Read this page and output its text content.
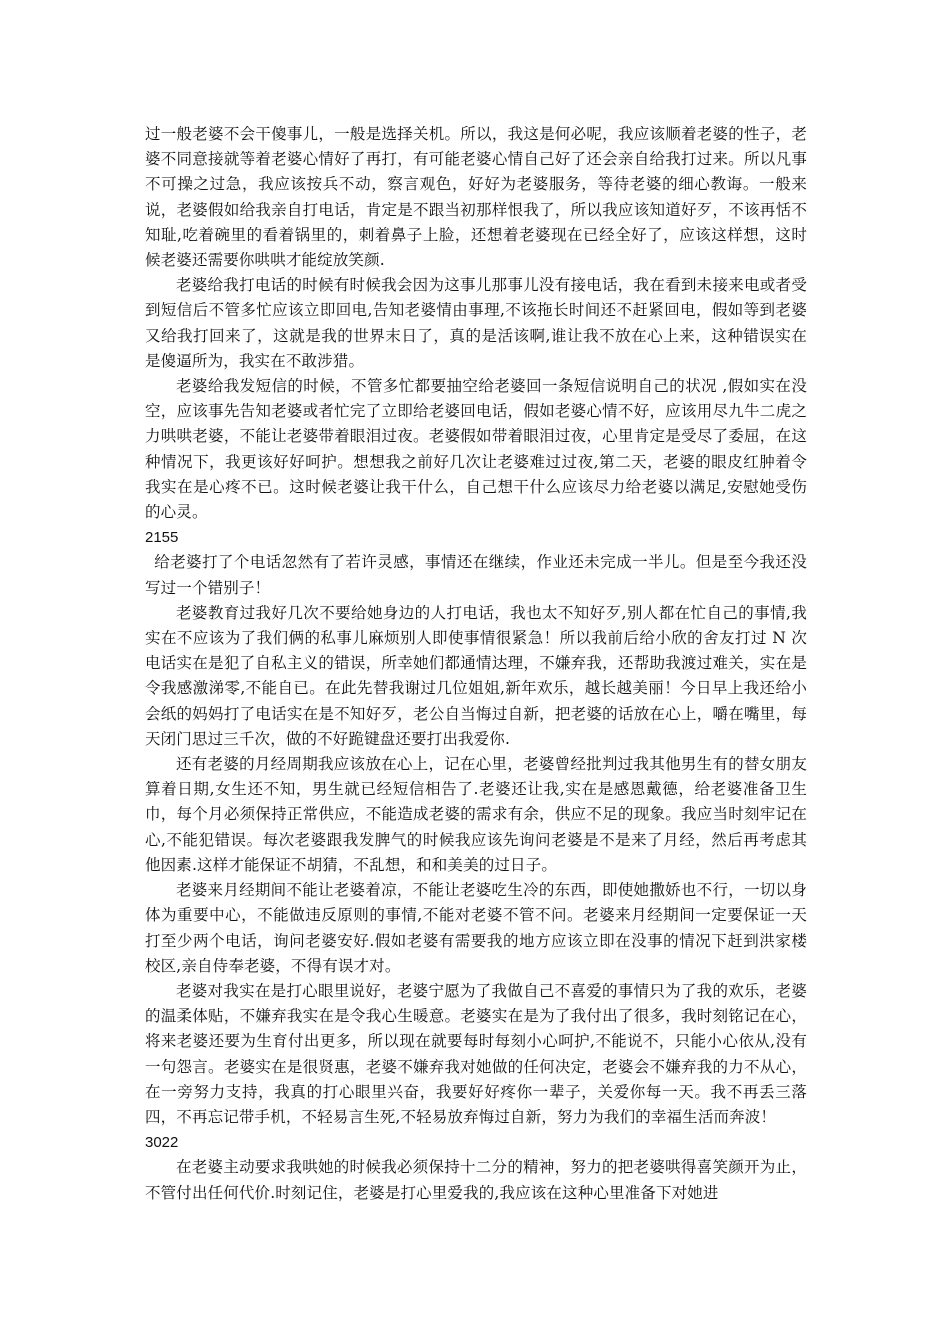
过一般老婆不会干傻事儿，一般是选择关机。所以，我这是何必呢，我应该顺着老婆的性子，老婆不同意接就等着老婆心情好了再打，有可能老婆心情自己好了还会亲自给我打过来。所以凡事不可操之过急，我应该按兵不动，察言观色，好好为老婆服务，等待老婆的细心教诲。一般来说，老婆假如给我亲自打电话，肯定是不跟当初那样恨我了，所以我应该知道好歹，不该再恬不知耻,吃着碗里的看着锅里的，刺着鼻子上脸，还想着老婆现在已经全好了，应该这样想，这时候老婆还需要你哄哄才能绽放笑颜.

老婆给我打电话的时候有时候我会因为这事儿那事儿没有接电话，我在看到未接来电或者受到短信后不管多忙应该立即回电,告知老婆情由事理,不该拖长时间还不赶紧回电，假如等到老婆又给我打回来了，这就是我的世界末日了，真的是活该啊,谁让我不放在心上来，这种错误实在是傻逼所为，我实在不敢涉猎。

老婆给我发短信的时候，不管多忙都要抽空给老婆回一条短信说明自己的状况 ,假如实在没空，应该事先告知老婆或者忙完了立即给老婆回电话，假如老婆心情不好，应该用尽九牛二虎之力哄哄老婆，不能让老婆带着眼泪过夜。老婆假如带着眼泪过夜，心里肯定是受尽了委屈，在这种情况下，我更该好好呵护。想想我之前好几次让老婆难过过夜,第二天，老婆的眼皮红肿着令我实在是心疼不已。这时候老婆让我干什么，自己想干什么应该尽力给老婆以满足,安慰她受伤的心灵。

2155

给老婆打了个电话忽然有了若许灵感，事情还在继续，作业还未完成一半儿。但是至今我还没写过一个错别子！

老婆教育过我好几次不要给她身边的人打电话，我也太不知好歹,别人都在忙自己的事情,我实在不应该为了我们俩的私事儿麻烦别人即使事情很紧急！所以我前后给小欣的舍友打过 N 次电话实在是犯了自私主义的错误，所幸她们都通情达理，不嫌弃我，还帮助我渡过难关，实在是令我感激涕零,不能自已。在此先替我谢过几位姐姐,新年欢乐，越长越美丽！今日早上我还给小会纸的妈妈打了电话实在是不知好歹，老公自当悔过自新，把老婆的话放在心上，嚼在嘴里，每天闭门思过三千次，做的不好跪键盘还要打出我爱你.

还有老婆的月经周期我应该放在心上，记在心里，老婆曾经批判过我其他男生有的替女朋友算着日期,女生还不知，男生就已经短信相告了.老婆还让我,实在是感恩戴德，给老婆准备卫生巾，每个月必须保持正常供应，不能造成老婆的需求有余，供应不足的现象。我应当时刻牢记在心,不能犯错误。每次老婆跟我发脾气的时候我应该先询问老婆是不是来了月经，然后再考虑其他因素.这样才能保证不胡猜，不乱想，和和美美的过日子。

老婆来月经期间不能让老婆着凉，不能让老婆吃生冷的东西，即使她撒娇也不行，一切以身体为重要中心，不能做违反原则的事情,不能对老婆不管不问。老婆来月经期间一定要保证一天打至少两个电话，询问老婆安好.假如老婆有需要我的地方应该立即在没事的情况下赶到洪家楼校区,亲自侍奉老婆，不得有误才对。

老婆对我实在是打心眼里说好，老婆宁愿为了我做自己不喜爱的事情只为了我的欢乐，老婆的温柔体贴，不嫌弃我实在是令我心生暖意。老婆实在是为了我付出了很多，我时刻铭记在心，将来老婆还要为生育付出更多，所以现在就要每时每刻小心呵护,不能说不，只能小心依从,没有一句怨言。老婆实在是很贤惠，老婆不嫌弃我对她做的任何决定，老婆会不嫌弃我的力不从心，在一旁努力支持，我真的打心眼里兴奋，我要好好疼你一辈子，关爱你每一天。我不再丢三落四，不再忘记带手机，不轻易言生死,不轻易放弃悔过自新，努力为我们的幸福生活而奔波！

3022

在老婆主动要求我哄她的时候我必须保持十二分的精神，努力的把老婆哄得喜笑颜开为止，不管付出任何代价.时刻记住，老婆是打心里爱我的,我应该在这种心里准备下对她进
